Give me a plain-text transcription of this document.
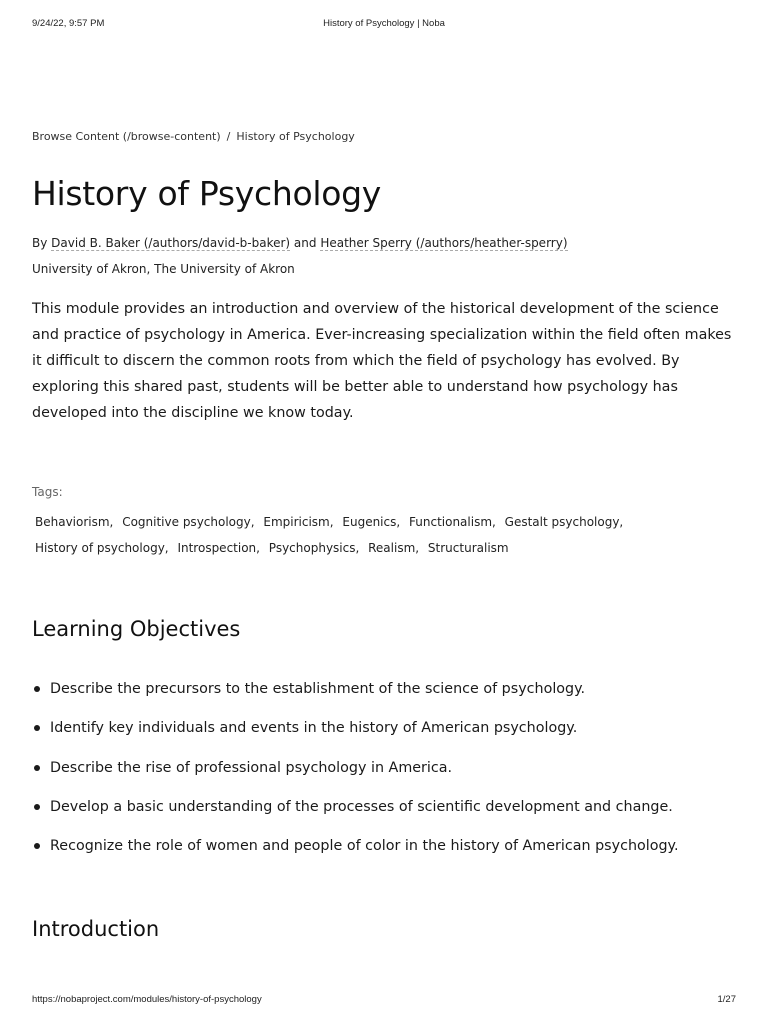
9/24/22, 9:57 PM	History of Psychology | Noba
Browse Content (/browse-content) / History of Psychology
History of Psychology
By David B. Baker (/authors/david-b-baker) and Heather Sperry (/authors/heather-sperry)
University of Akron, The University of Akron

This module provides an introduction and overview of the historical development of the science and practice of psychology in America. Ever-increasing specialization within the field often makes it difficult to discern the common roots from which the field of psychology has evolved. By exploring this shared past, students will be better able to understand how psychology has developed into the discipline we know today.

Tags:
Behaviorism, Cognitive psychology, Empiricism, Eugenics, Functionalism, Gestalt psychology, History of psychology, Introspection, Psychophysics, Realism, Structuralism
Learning Objectives
Describe the precursors to the establishment of the science of psychology.
Identify key individuals and events in the history of American psychology.
Describe the rise of professional psychology in America.
Develop a basic understanding of the processes of scientific development and change.
Recognize the role of women and people of color in the history of American psychology.
Introduction
https://nobaproject.com/modules/history-of-psychology	1/27
